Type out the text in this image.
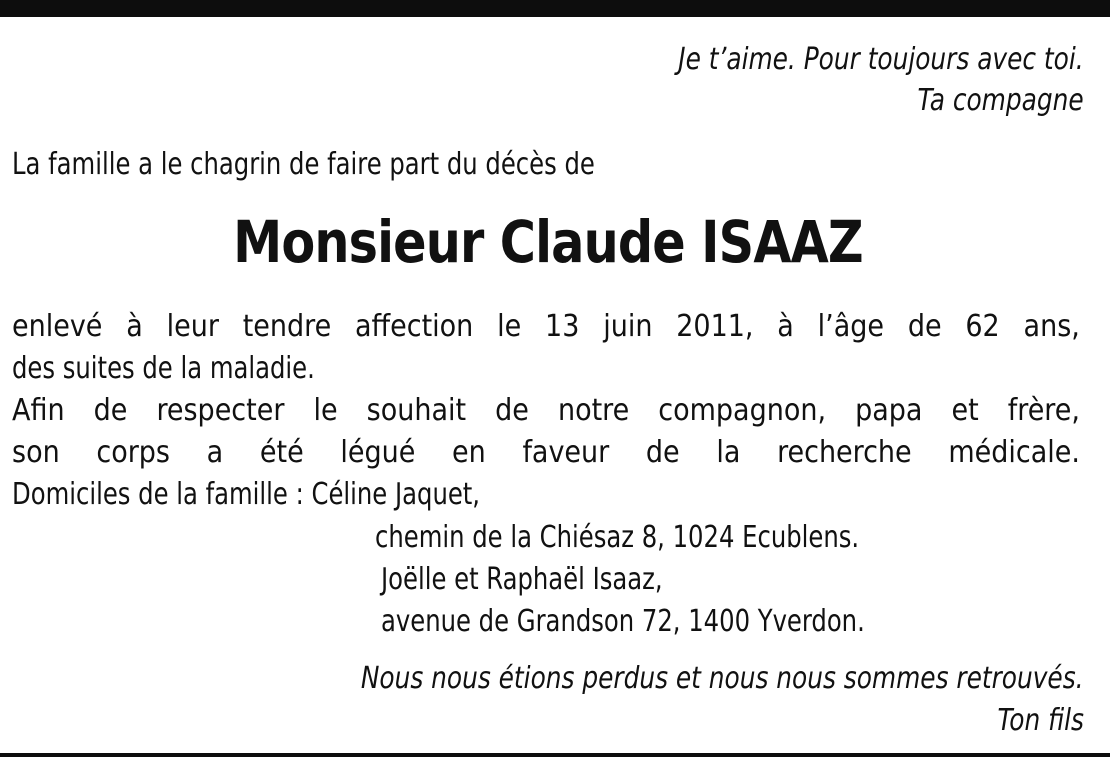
Je t’aime. Pour toujours avec toi.
Ta compagne
La famille a le chagrin de faire part du décès de
Monsieur Claude ISAAZ
enlevé à leur tendre affection le 13 juin 2011, à l’âge de 62 ans,
des suites de la maladie.
Afin de respecter le souhait de notre compagnon, papa et frère,
son corps a été légué en faveur de la recherche médicale.
Domiciles de la famille : Céline Jaquet,
chemin de la Chiésaz 8, 1024 Ecublens.
Joëlle et Raphaël Isaaz,
avenue de Grandson 72, 1400 Yverdon.
Nous nous étions perdus et nous nous sommes retrouvés.
Ton fils
